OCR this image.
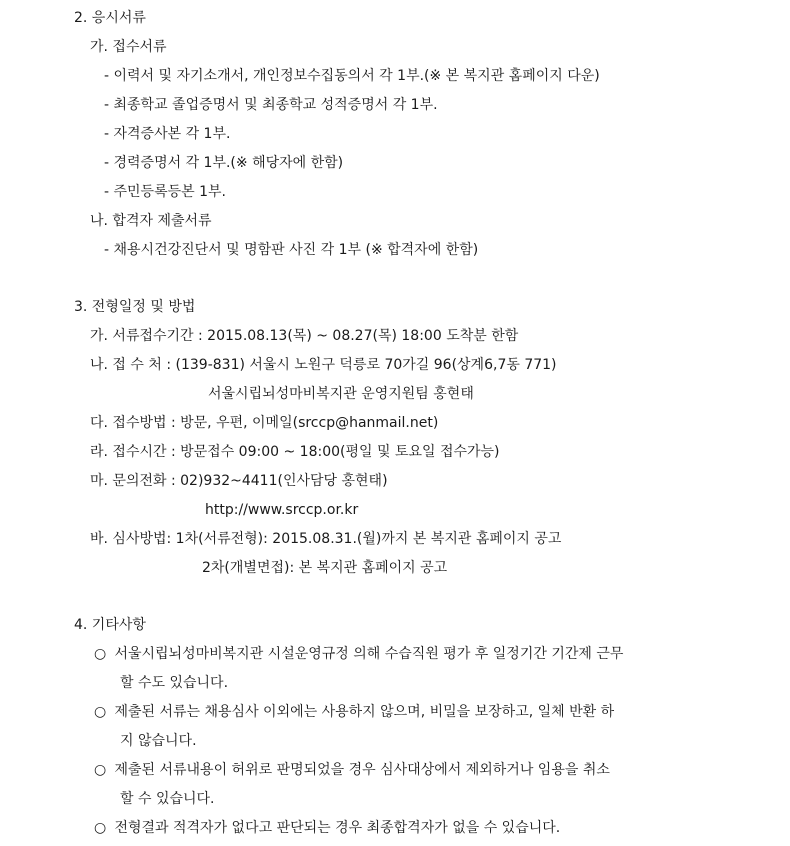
2. 응시서류
가. 접수서류
- 이력서 및 자기소개서, 개인정보수집동의서 각 1부.(※ 본 복지관 홈페이지 다운)
- 최종학교 졸업증명서 및 최종학교 성적증명서 각 1부.
- 자격증사본 각 1부.
- 경력증명서 각 1부.(※ 해당자에 한함)
- 주민등록등본 1부.
나. 합격자 제출서류
- 채용시건강진단서 및 명함판 사진 각 1부 (※ 합격자에 한함)
3. 전형일정 및 방법
가. 서류접수기간 : 2015.08.13(목) ~ 08.27(목) 18:00 도착분 한함
나. 접 수 처 : (139-831) 서울시 노원구 덕릉로 70가길 96(상계6,7동 771)
서울시립뇌성마비복지관 운영지원팀 홍현태
다. 접수방법 : 방문, 우편, 이메일(srccp@hanmail.net)
라. 접수시간 : 방문접수 09:00 ~ 18:00(평일 및 토요일 접수가능)
마. 문의전화 : 02)932~4411(인사담당 홍현태)
http://www.srccp.or.kr
바. 심사방법: 1차(서류전형): 2015.08.31.(월)까지 본 복지관 홈페이지 공고
2차(개별면접): 본 복지관 홈페이지 공고
4. 기타사항
○ 서울시립뇌성마비복지관 시설운영규정 의해 수습직원 평가 후 일정기간 기간제 근무
할 수도 있습니다.
○ 제출된 서류는 채용심사 이외에는 사용하지 않으며, 비밀을 보장하고, 일체 반환 하
지 않습니다.
○ 제출된 서류내용이 허위로 판명되었을 경우 심사대상에서 제외하거나 임용을 취소
할 수 있습니다.
○ 전형결과 적격자가 없다고 판단되는 경우 최종합격자가 없을 수 있습니다.
